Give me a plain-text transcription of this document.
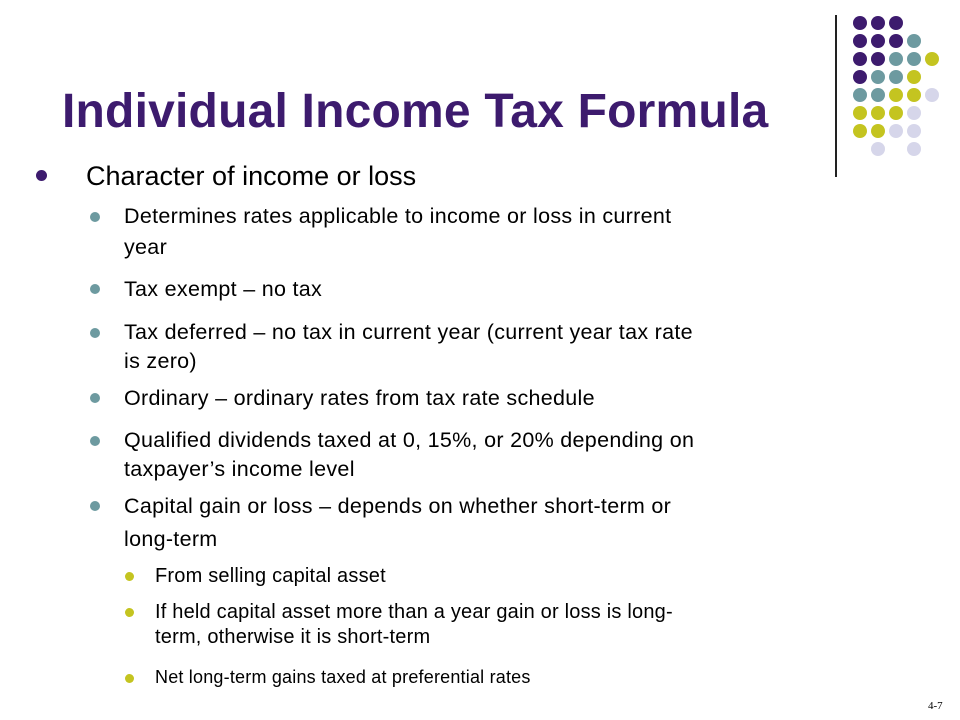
Individual Income Tax Formula
Character of income or loss
Determines rates applicable to income or loss in current
year
Tax exempt – no tax
Tax deferred – no tax in current year (current year tax rate
is zero)
Ordinary – ordinary rates from tax rate schedule
Qualified dividends taxed at 0, 15%, or 20% depending on
taxpayer’s income level
Capital gain or loss – depends on whether short-term or
long-term
From selling capital asset
If held capital asset more than a year gain or loss is long-
term, otherwise it is short-term
Net long-term gains taxed at preferential rates
4-7
